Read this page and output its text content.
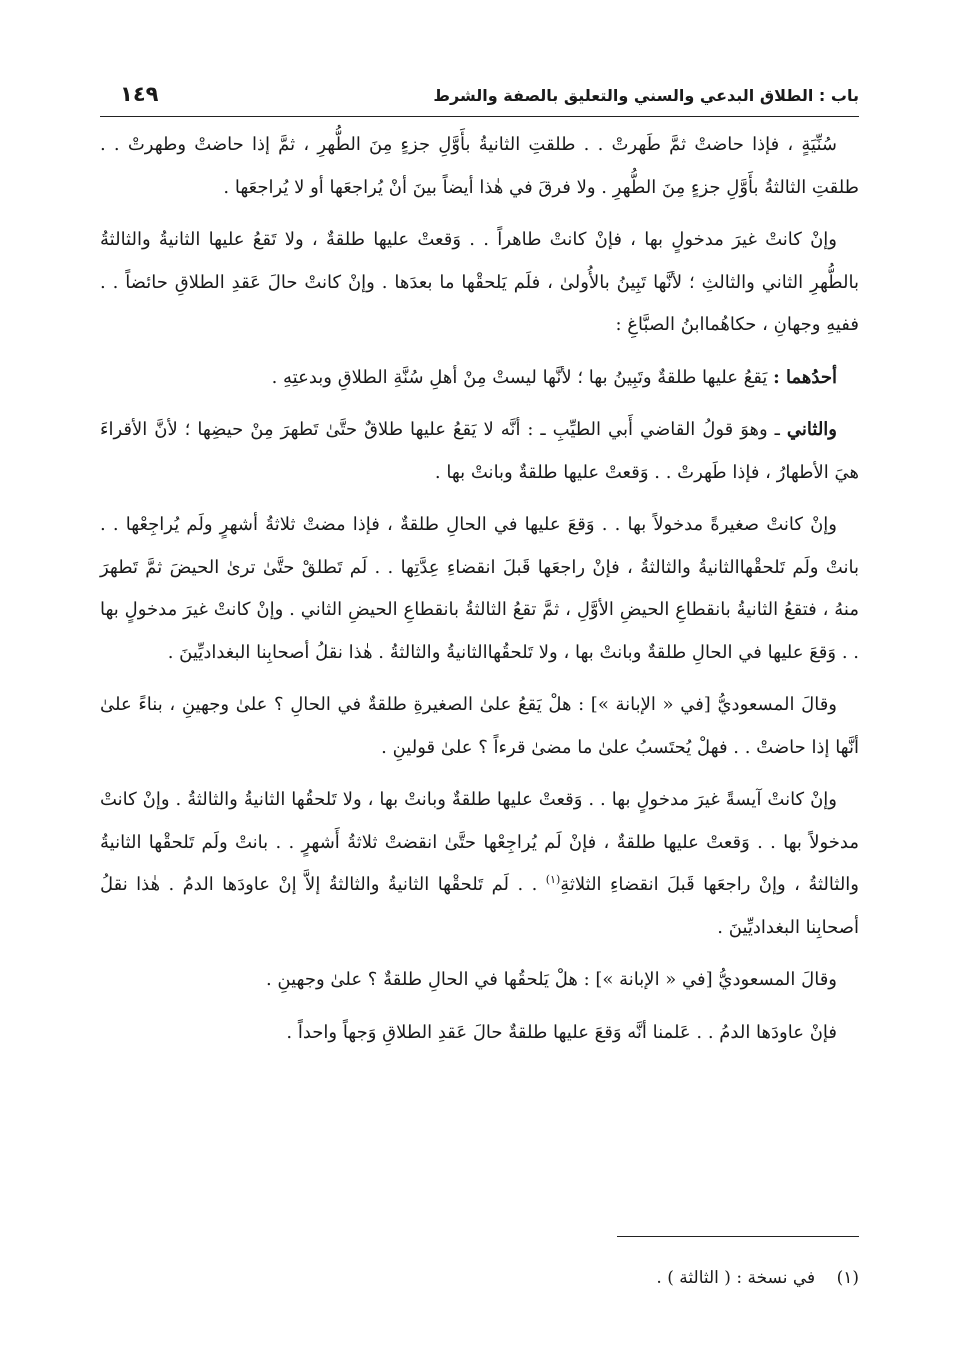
باب : الطلاق البدعي والسني والتعليق بالصفة والشرط
١٤٩

سُنِّيَةٍ ، فإذا حاضتْ ثمَّ طَهرتْ . . طلقتِ الثانيةُ بأَوَّلِ جزءٍ مِنَ الطُّهرِ ، ثمَّ إذا حاضتْ وطهرتْ . . طلقتِ الثالثةُ بأَوَّلِ جزءٍ مِنَ الطُّهرِ . ولا فرقَ في هٰذا أيضاً بينَ أنْ يُراجعَها أو لا يُراجعَها .

وإنْ كانتْ غيرَ مدخولٍ بها ، فإنْ كانتْ طاهراً . . وَقعتْ عليها طلقةٌ ، ولا تَقعُ عليها الثانيةُ والثالثةُ بالطُّهرِ الثاني والثالثِ ؛ لأنَّها تَبِينُ بالأُولىٰ ، فلَم يَلحقْها ما بعدَها . وإنْ كانتْ حالَ عَقدِ الطلاقِ حائضاً . . ففيهِ وجهانِ ، حكاهُماابنُ الصبَّاغِ :

أحدُهما : يَقعُ عليها طلقةٌ وتَبِينُ بها ؛ لأنَّها ليستْ مِنْ أهلِ سُنَّةِ الطلاقِ وبدعتِهِ .

والثاني ـ وهوَ قولُ القاضي أَبي الطيِّبِ ـ : أنَّه لا يَقعُ عليها طلاقٌ حتَّىٰ تَطهرَ مِنْ حيضِها ؛ لأنَّ الأقراءَ هيَ الأطهارُ ، فإذا طَهرتْ . . وَقعتْ عليها طلقةٌ وبانتْ بها .

وإنْ كانتْ صغيرةً مدخولاً بها . . وَقعَ عليها في الحالِ طلقةٌ ، فإذا مضتْ ثلاثةُ أشهرٍ ولَم يُراجِعْها . . بانتْ ولَم تَلحقْهاالثانيةُ والثالثةُ ، فإنْ راجعَها قَبلَ انقضاءِ عِدَّتِها . . لَم تَطلقْ حتَّىٰ ترىٰ الحيضَ ثمَّ تَطهرَ منهُ ، فتقعُ الثانيةُ بانقطاعِ الحيضِ الأوَّلِ ، ثمَّ تقعُ الثالثةُ بانقطاعِ الحيضِ الثاني . وإنْ كانتْ غيرَ مدخولٍ بها . . وَقعَ عليها في الحالِ طلقةٌ وبانتْ بها ، ولا تَلحقُهاالثانيةُ والثالثةُ . هٰذا نقلُ أصحابِنا البغداديِّينَ .

وقالَ المسعوديُّ [في « الإبانة »] : هلْ يَقعُ علىٰ الصغيرةِ طلقةٌ في الحالِ ؟ علىٰ وجهينِ ، بناءً علىٰ أنَّها إذا حاضتْ . . فهلْ يُحتَسبُ علىٰ ما مضىٰ قرءاً ؟ علىٰ قولينِ .

وإنْ كانتْ آيسةً غيرَ مدخولٍ بها . . وَقعتْ عليها طلقةٌ وبانتْ بها ، ولا تَلحقُها الثانيةُ والثالثةُ . وإنْ كانتْ مدخولاً بها . . وَقعتْ عليها طلقةٌ ، فإنْ لَم يُراجِعْها حتَّىٰ انقضتْ ثلاثةُ أَشهرٍ . . بانتْ ولَم تَلحقْها الثانيةُ والثالثةُ ، وإنْ راجعَها قَبلَ انقضاءِ الثلاثةِ$^{(١)}$ . . لَم تَلحقْها الثانيةُ والثالثةُ إلاَّ إنْ عاودَها الدمُ . هٰذا نقلُ أصحابِنا البغداديِّينَ .

وقالَ المسعوديُّ [في « الإبانة »] : هلْ يَلحقُها في الحالِ طلقةٌ ؟ علىٰ وجهينِ .

فإنْ عاودَها الدمُ . . عَلمنا أنَّه وَقعَ عليها طلقةٌ حالَ عَقدِ الطلاقِ وَجهاً واحداً .

(١) في نسخة : ( الثالثة ) .
